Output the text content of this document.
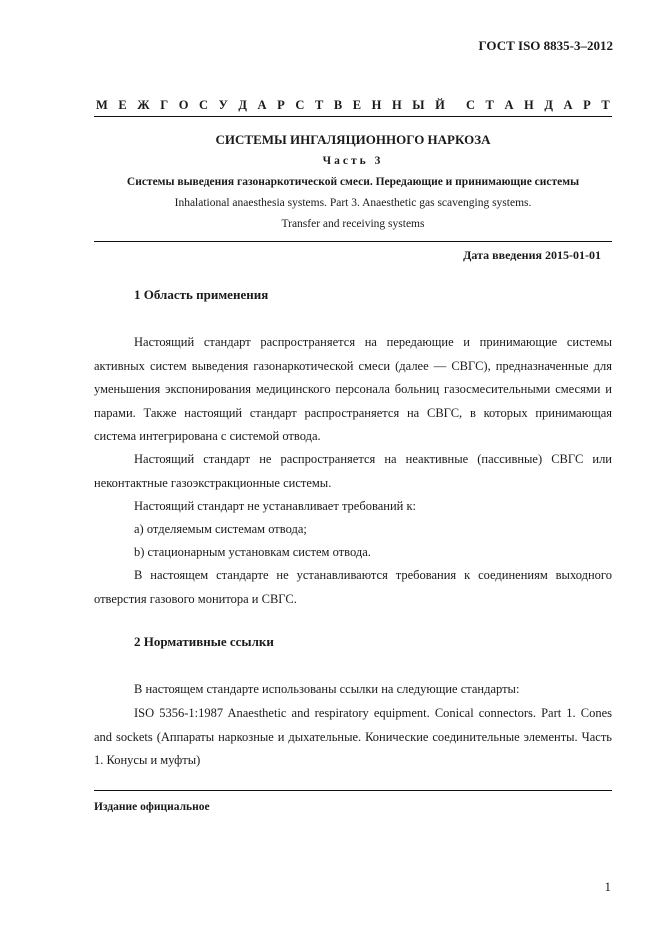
ГОСТ ISO 8835-3–2012
М Е Ж Г О С У Д А Р С Т В Е Н Н Ы Й С Т А Н Д А Р Т
СИСТЕМЫ ИНГАЛЯЦИОННОГО НАРКОЗА
Часть 3
Системы выведения газонаркотической смеси. Передающие и принимающие системы
Inhalational anaesthesia systems. Part 3. Anaesthetic gas scavenging systems.
Transfer and receiving systems
Дата введения 2015-01-01
1 Область применения

Настоящий стандарт распространяется на передающие и принимающие системы активных систем выведения газонаркотической смеси (далее — СВГС), предназначенные для уменьшения экспонирования медицинского персонала больниц газосмесительными смесями и парами. Также настоящий стандарт распространяется на СВГС, в которых принимающая система интегрирована с системой отвода.

Настоящий стандарт не распространяется на неактивные (пассивные) СВГС или неконтактные газоэкстракционные системы.

Настоящий стандарт не устанавливает требований к:

а) отделяемым системам отвода;

b) стационарным установкам систем отвода.

В настоящем стандарте не устанавливаются требования к соединениям выходного отверстия газового монитора и СВГС.

2 Нормативные ссылки

В настоящем стандарте использованы ссылки на следующие стандарты:

ISO 5356-1:1987 Anaesthetic and respiratory equipment. Conical connectors. Part 1. Cones and sockets (Аппараты наркозные и дыхательные. Конические соединительные элементы. Часть 1. Конусы и муфты)

Издание официальное
1
